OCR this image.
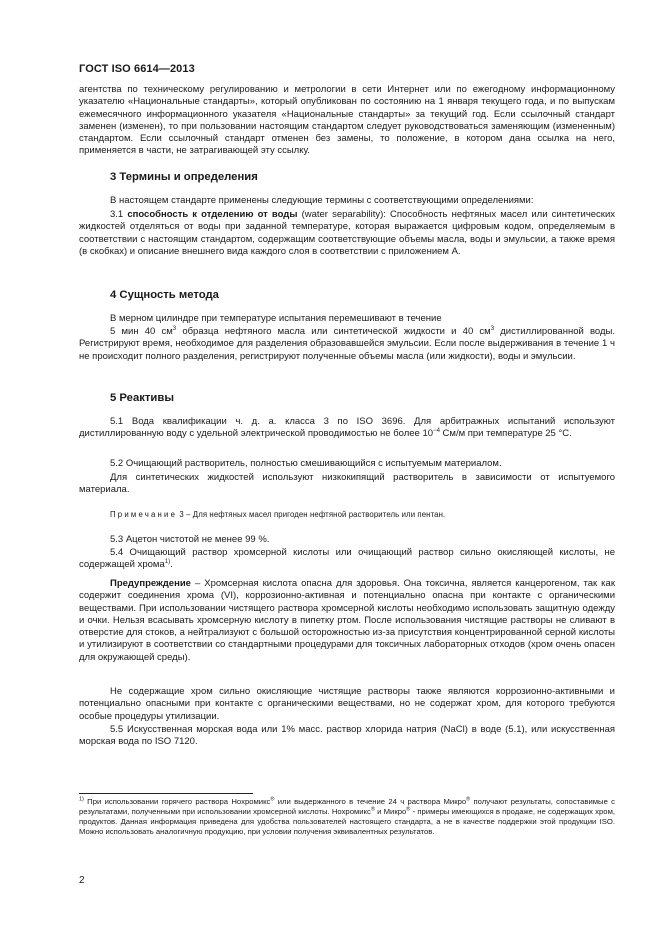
ГОСТ ISO 6614—2013
агентства по техническому регулированию и метрологии в сети Интернет или по ежегодному информационному указателю «Национальные стандарты», который опубликован по состоянию на 1 января текущего года, и по выпускам ежемесячного информационного указателя «Национальные стандарты» за текущий год. Если ссылочный стандарт заменен (изменен), то при пользовании настоящим стандартом следует руководствоваться заменяющим (измененным) стандартом. Если ссылочный стандарт отменен без замены, то положение, в котором дана ссылка на него, применяется в части, не затрагивающей эту ссылку.
3 Термины и определения
В настоящем стандарте применены следующие термины с соответствующими определениями:
3.1 способность к отделению от воды (water separability): Способность нефтяных масел или синтетических жидкостей отделяться от воды при заданной температуре, которая выражается цифровым кодом, определяемым в соответствии с настоящим стандартом, содержащим соответствующие объемы масла, воды и эмульсии, а также время (в скобках) и описание внешнего вида каждого слоя в соответствии с приложением А.
4 Сущность метода
В мерном цилиндре при температуре испытания перемешивают в течение
5 мин 40 $см^3$ образца нефтяного масла или синтетической жидкости и 40 $см^3$ дистиллированной воды. Регистрируют время, необходимое для разделения образовавшейся эмульсии. Если после выдерживания в течение 1 ч не происходит полного разделения, регистрируют полученные объемы масла (или жидкости), воды и эмульсии.
5 Реактивы
5.1 Вода квалификации ч. д. а. класса 3 по ISO 3696. Для арбитражных испытаний используют дистиллированную воду с удельной электрической проводимостью не более $10^{-4}$ См/м при температуре 25 °С.
5.2 Очищающий растворитель, полностью смешивающийся с испытуемым материалом.
Для синтетических жидкостей используют низкокипящий растворитель в зависимости от испытуемого материала.
Примечание 3 – Для нефтяных масел пригоден нефтяной растворитель или пентан.
5.3 Ацетон чистотой не менее 99 %.
5.4 Очищающий раствор хромсерной кислоты или очищающий раствор сильно окисляющей кислоты, не содержащей хрома$^{1)}$.
Предупреждение – Хромсерная кислота опасна для здоровья. Она токсична, является канцерогеном, так как содержит соединения хрома (VI), коррозионно-активная и потенциально опасна при контакте с органическими веществами. При использовании чистящего раствора хромсерной кислоты необходимо использовать защитную одежду и очки. Нельзя всасывать хромсерную кислоту в пипетку ртом. После использования чистящие растворы не сливают в отверстие для стоков, а нейтрализуют с большой осторожностью из-за присутствия концентрированной серной кислоты и утилизируют в соответствии со стандартными процедурами для токсичных лабораторных отходов (хром очень опасен для окружающей среды).
Не содержащие хром сильно окисляющие чистящие растворы также являются коррозионно-активными и потенциально опасными при контакте с органическими веществами, но не содержат хром, для которого требуются особые процедуры утилизации.
5.5 Искусственная морская вода или 1% масс. раствор хлорида натрия (NaCl) в воде (5.1), или искусственная морская вода по ISO 7120.
$^{1)}$ При использовании горячего раствора Нохромикс® или выдержанного в течение 24 ч раствора Микро® получают результаты, сопоставимые с результатами, полученными при использовании хромсерной кислоты. Нохромикс® и Микро® - примеры имеющихся в продаже, не содержащих хром, продуктов. Данная информация приведена для удобства пользователей настоящего стандарта, а не в качестве поддержки этой продукции ISO. Можно использовать аналогичную продукцию, при условии получения эквивалентных результатов.
2
